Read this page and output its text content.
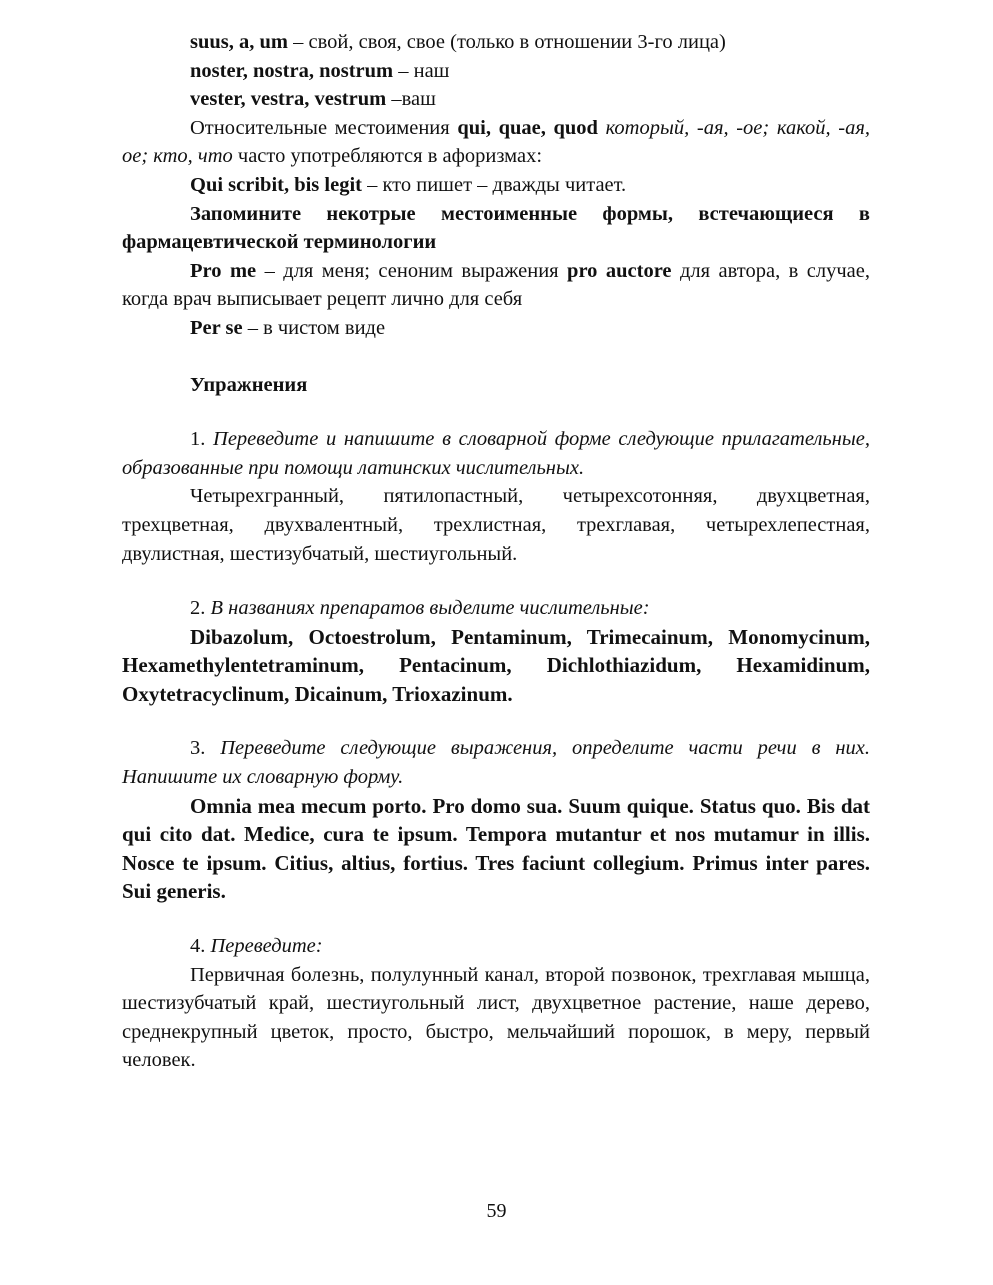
suus, a, um – свой, своя, свое (только в отношении 3-го лица)

noster, nostra, nostrum – наш

vester, vestra, vestrum –ваш

Относительные местоимения qui, quae, quod который, -ая, -ое; какой, -ая, ое; кто, что часто употребляются в афоризмах:

Qui scribit, bis legit – кто пишет – дважды читает.

Запомините некотрые местоименные формы, встечающиеся в фармацевтической терминологии

Pro me – для меня; сеноним выражения pro auctore для автора, в случае, когда врач выписывает рецепт лично для себя

Per se – в чистом виде

Упражнения

1. Переведите и напишите в словарной форме следующие прилагательные, образованные при помощи латинских числительных.

Четырехгранный, пятилопастный, четырехсотонняя, двухцветная, трехцветная, двухвалентный, трехлистная, трехглавая, четырехлепестная, двулистная, шестизубчатый, шестиугольный.

2. В названиях препаратов выделите числительные:

Dibazolum, Octoestrolum, Pentaminum, Trimecainum, Monomycinum, Hexamethylentetraminum, Pentacinum, Dichlothiazidum, Hexamidinum, Oxytetracyclinum, Dicainum, Trioxazinum.

3. Переведите следующие выражения, определите части речи в них. Напишите их словарную форму.

Omnia mea mecum porto. Pro domo sua. Suum quique. Status quo. Bis dat qui cito dat. Medice, cura te ipsum. Tempora mutantur et nos mutamur in illis. Nosce te ipsum. Citius, altius, fortius. Tres faciunt collegium. Primus inter pares. Sui generis.

4. Переведите:

Первичная болезнь, полулунный канал, второй позвонок, трехглавая мышца, шестизубчатый край, шестиугольный лист, двухцветное растение, наше дерево, среднекрупный цветок, просто, быстро, мельчайший порошок, в меру, первый человек.

59
